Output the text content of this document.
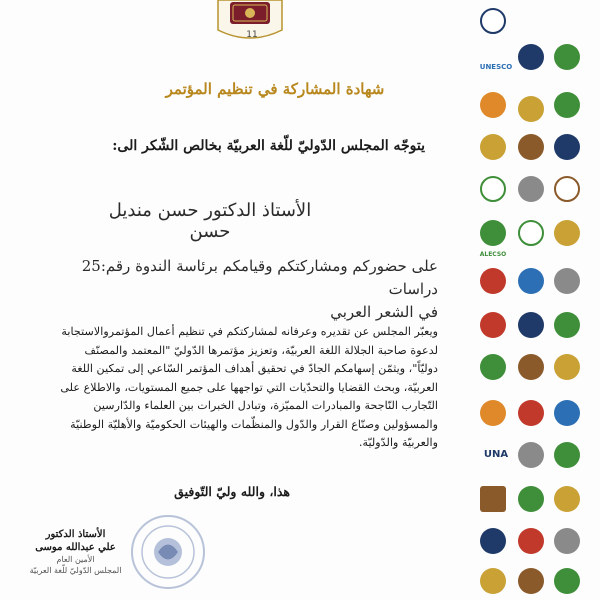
11
شهادة المشاركة في تنظيم المؤتمر
يتوجّه المجلس الدّوليّ للّغة العربيّة بخالص الشّكر الى:
الأستاذ الدكتور حسن منديل حسن
على حضوركم ومشاركتكم وقيامكم برئاسة الندوة رقم:25 دراسات
في الشعر العربي
ويعبّر المجلس عن تقديره وعرفانه لمشاركتكم في تنظيم أعمال المؤتمروالاستجابة
لدعوة صاحبة الجلالة اللغة العربيّة، وتعزيز مؤتمرها الدّوليّ "المعتمد والمصنّف
دوليّاً"، ويثمّن إسهامكم الجادّ في تحقيق أهداف المؤتمر السّاعي إلى تمكين اللغة
العربيّة، وبحث القضايا والتحدّيات التي تواجهها على جميع المستويات، والاطلاع على
التّجارب النّاجحة والمبادرات المميّزة، وتبادل الخبرات بين العلماء والدّارسين
والمسؤولين وصنّاع القرار والدّول والمنظّمات والهيئات الحكوميّة والأهليّة الوطنيّة
والعربيّة والدّوليّة.
هذا، والله وليّ التّوفيق
الأستاذ الدكتور
علي عبدالله موسى
الأمين العام
المجلس الدّوليّ للّغة العربيّة
UNESCO
ALECSO
UNA
